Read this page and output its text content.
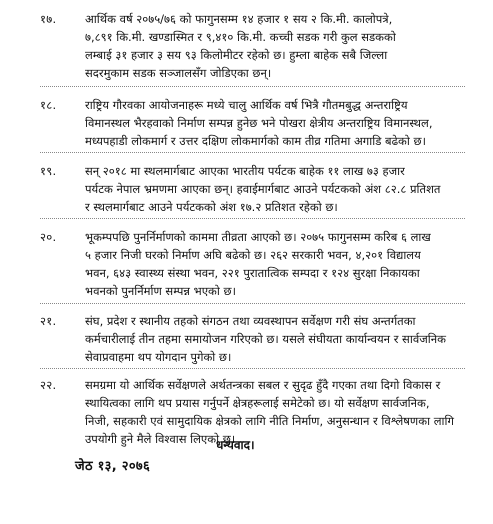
१७. आर्थिक वर्ष २०७५/७६ को फागुनसम्म १४ हजार १ सय २ कि.मी. कालोपत्रे,
७,८९१ कि.मी. खण्डास्मित र ९,४१० कि.मी. कच्ची सडक गरी कुल सडकको
लम्बाई ३१ हजार ३ सय ९३ किलोमीटर रहेको छ। हुम्ला बाहेक सबै जिल्ला
सदरमुकाम सडक सञ्जालसँग जोडिएका छन्।
१८. राष्ट्रिय गौरवका आयोजनाहरू मध्ये चालु आर्थिक वर्ष भित्रै गौतमबुद्ध अन्तराष्ट्रिय
विमानस्थल भैरहवाको निर्माण सम्पन्न हुनेछ भने पोखरा क्षेत्रीय अन्तराष्ट्रिय विमानस्थल,
मध्यपहाडी लोकमार्ग र उत्तर दक्षिण लोकमार्गको काम तीव्र गतिमा अगाडि बढेको छ।
१९. सन् २०१८ मा स्थलमार्गबाट आएका भारतीय पर्यटक बाहेक ११ लाख ७३ हजार
पर्यटक नेपाल भ्रमणमा आएका छन्। हवाईमार्गबाट आउने पर्यटकको अंश ८२.८ प्रतिशत
र स्थलमार्गबाट आउने पर्यटकको अंश १७.२ प्रतिशत रहेको छ।
२०. भूकम्पपछि पुनर्निर्माणको काममा तीव्रता आएको छ। २०७५ फागुनसम्म करिब ६ लाख
५ हजार निजी घरको निर्माण अघि बढेको छ। २६२ सरकारी भवन, ४,२०१ विद्यालय
भवन, ६४३ स्वास्थ्य संस्था भवन, २२१ पुरातात्विक सम्पदा र १२४ सुरक्षा निकायका
भवनको पुनर्निर्माण सम्पन्न भएको छ।
२१. संघ, प्रदेश र स्थानीय तहको संगठन तथा व्यवस्थापन सर्वेक्षण गरी संघ अन्तर्गतका
कर्मचारीलाई तीन तहमा समायोजन गरिएको छ। यसले संघीयता कार्यान्वयन र सार्वजनिक
सेवाप्रवाहमा थप योगदान पुगेको छ।
२२. समग्रमा यो आर्थिक सर्वेक्षणले अर्थतन्त्रका सबल र सुदृढ हुँदै गएका तथा दिगो विकास र
स्थायित्वका लागि थप प्रयास गर्नुपर्ने क्षेत्रहरूलाई समेटेको छ। यो सर्वेक्षण सार्वजनिक,
निजी, सहकारी एवं सामुदायिक क्षेत्रको लागि नीति निर्माण, अनुसन्धान र विश्लेषणका लागि
उपयोगी हुने मैले विश्वास लिएको छु।
धन्यवाद।
जेठ १३, २०७६
